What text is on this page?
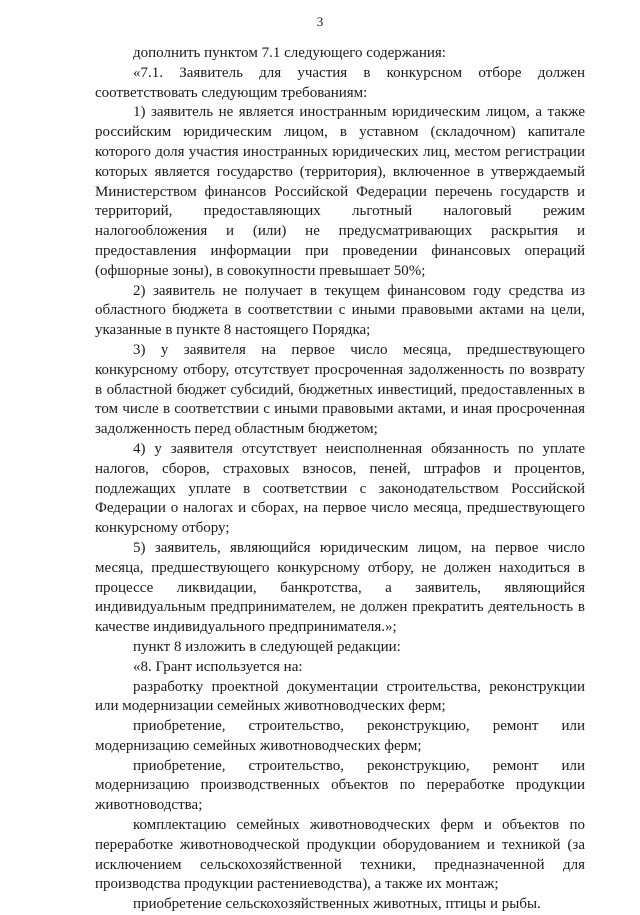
3

дополнить пунктом 7.1 следующего содержания:

«7.1. Заявитель для участия в конкурсном отборе должен соответствовать следующим требованиям:

1) заявитель не является иностранным юридическим лицом, а также российским юридическим лицом, в уставном (складочном) капитале которого доля участия иностранных юридических лиц, местом регистрации которых является государство (территория), включенное в утверждаемый Министерством финансов Российской Федерации перечень государств и территорий, предоставляющих льготный налоговый режим налогообложения и (или) не предусматривающих раскрытия и предоставления информации при проведении финансовых операций (офшорные зоны), в совокупности превышает 50%;

2) заявитель не получает в текущем финансовом году средства из областного бюджета в соответствии с иными правовыми актами на цели, указанные в пункте 8 настоящего Порядка;

3) у заявителя на первое число месяца, предшествующего конкурсному отбору, отсутствует просроченная задолженность по возврату в областной бюджет субсидий, бюджетных инвестиций, предоставленных в том числе в соответствии с иными правовыми актами, и иная просроченная задолженность перед областным бюджетом;

4) у заявителя отсутствует неисполненная обязанность по уплате налогов, сборов, страховых взносов, пеней, штрафов и процентов, подлежащих уплате в соответствии с законодательством Российской Федерации о налогах и сборах, на первое число месяца, предшествующего конкурсному отбору;

5) заявитель, являющийся юридическим лицом, на первое число месяца, предшествующего конкурсному отбору, не должен находиться в процессе ликвидации, банкротства, а заявитель, являющийся индивидуальным предпринимателем, не должен прекратить деятельность в качестве индивидуального предпринимателя.»;

пункт 8 изложить в следующей редакции:

«8. Грант используется на:

разработку проектной документации строительства, реконструкции или модернизации семейных животноводческих ферм;

приобретение, строительство, реконструкцию, ремонт или модернизацию семейных животноводческих ферм;

приобретение, строительство, реконструкцию, ремонт или модернизацию производственных объектов по переработке продукции животноводства;

комплектацию семейных животноводческих ферм и объектов по переработке животноводческой продукции оборудованием и техникой (за исключением сельскохозяйственной техники, предназначенной для производства продукции растениеводства), а также их монтаж;

приобретение сельскохозяйственных животных, птицы и рыбы.
